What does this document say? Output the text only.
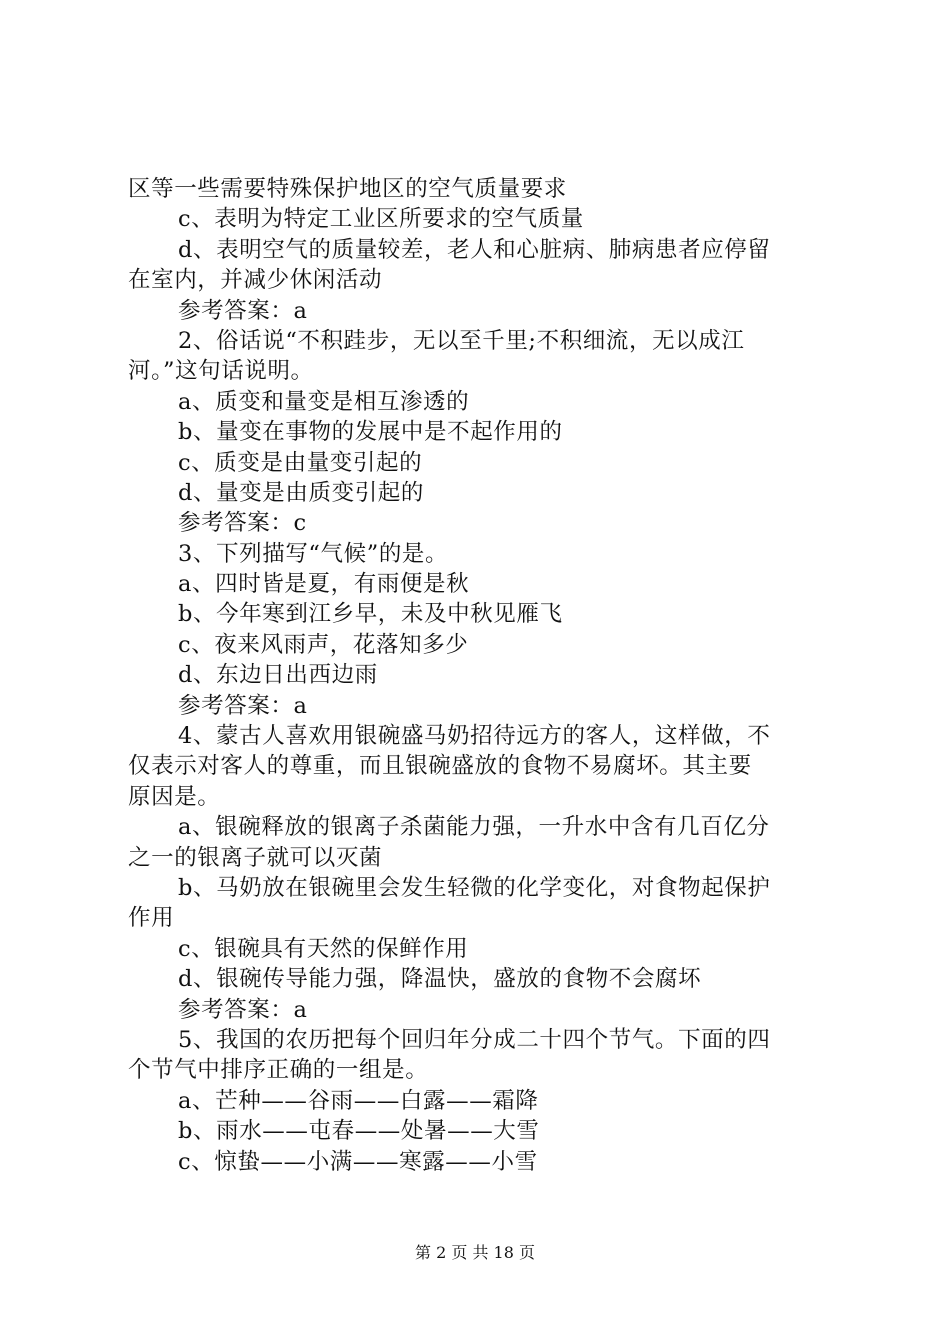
区等一些需要特殊保护地区的空气质量要求
c、表明为特定工业区所要求的空气质量
d、表明空气的质量较差，老人和心脏病、肺病患者应停留
在室内，并减少休闲活动
参考答案：a
2、俗话说“不积跬步，无以至千里;不积细流，无以成江
河。”这句话说明。
a、质变和量变是相互渗透的
b、量变在事物的发展中是不起作用的
c、质变是由量变引起的
d、量变是由质变引起的
参考答案：c
3、下列描写“气候”的是。
a、四时皆是夏，有雨便是秋
b、今年寒到江乡早，未及中秋见雁飞
c、夜来风雨声，花落知多少
d、东边日出西边雨
参考答案：a
4、蒙古人喜欢用银碗盛马奶招待远方的客人，这样做，不
仅表示对客人的尊重，而且银碗盛放的食物不易腐坏。其主要
原因是。
a、银碗释放的银离子杀菌能力强，一升水中含有几百亿分
之一的银离子就可以灭菌
b、马奶放在银碗里会发生轻微的化学变化，对食物起保护
作用
c、银碗具有天然的保鲜作用
d、银碗传导能力强，降温快，盛放的食物不会腐坏
参考答案：a
5、我国的农历把每个回归年分成二十四个节气。下面的四
个节气中排序正确的一组是。
a、芒种——谷雨——白露——霜降
b、雨水——屯春——处暑——大雪
c、惊蛰——小满——寒露——小雪
第 2 页 共 18 页
